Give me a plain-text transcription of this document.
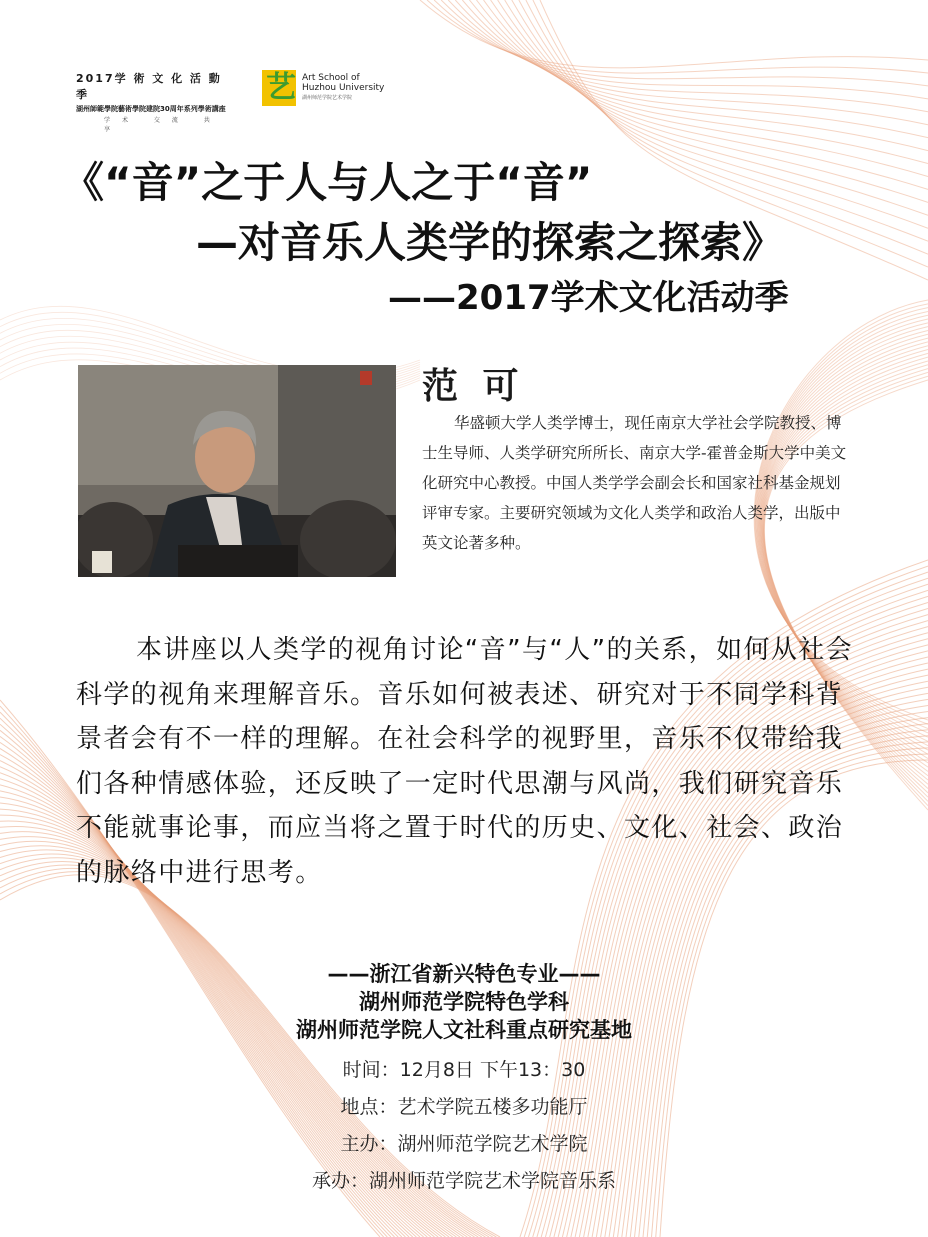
2017学 術 文 化 活 動 季
湖州師範學院藝術學院建院30周年系列學術講座
学术 交流 共享
艺 Art School of
Huzhou University
湖州师范学院艺术学院
《“音”之于人与人之于“音”
—对音乐人类学的探索之探索》
——2017学术文化活动季
范 可
华盛顿大学人类学博士，现任南京大学社会学院教授、博士生导师、人类学研究所所长、南京大学-霍普金斯大学中美文化研究中心教授。中国人类学学会副会长和国家社科基金规划评审专家。主要研究领域为文化人类学和政治人类学，出版中英文论著多种。
本讲座以人类学的视角讨论“音”与“人”的关系，如何从社会科学的视角来理解音乐。音乐如何被表述、研究对于不同学科背景者会有不一样的理解。在社会科学的视野里，音乐不仅带给我们各种情感体验，还反映了一定时代思潮与风尚，我们研究音乐不能就事论事，而应当将之置于时代的历史、文化、社会、政治的脉络中进行思考。
——浙江省新兴特色专业——
湖州师范学院特色学科
湖州师范学院人文社科重点研究基地
时间：12月8日 下午13：30
地点：艺术学院五楼多功能厅
主办：湖州师范学院艺术学院
承办：湖州师范学院艺术学院音乐系
